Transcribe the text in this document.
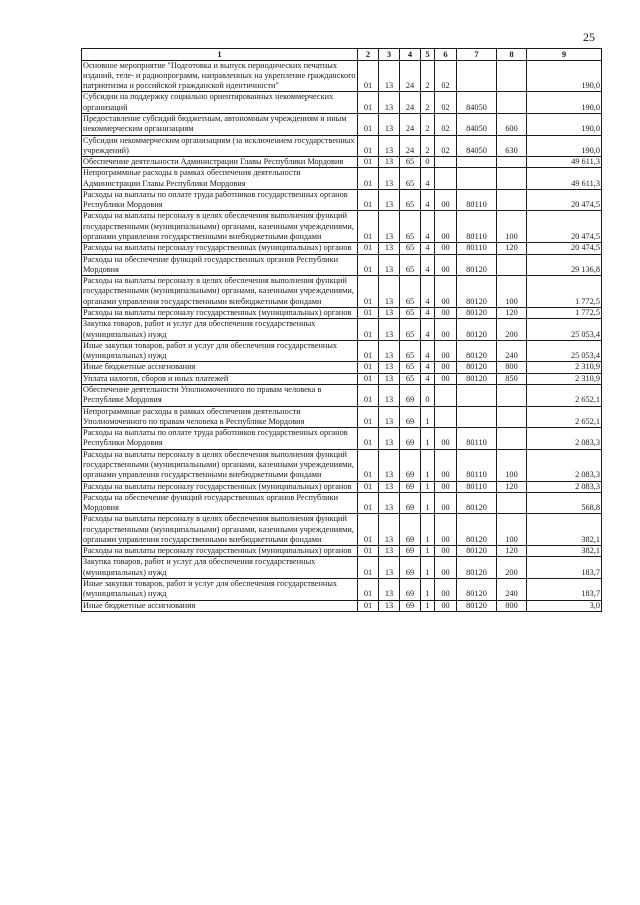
25
1	2	3	4	5	6	7	8	9
Основное мероприятие "Подготовка и выпуск периодических печатных изданий, теле- и радиопрограмм, направленных на укрепление гражданского патриотизма и российской гражданской идентичности"	01	13	24	2	02			190,0
Субсидии на поддержку социально ориентированных некоммерческих организаций	01	13	24	2	02	84050		190,0
Предоставление субсидий бюджетным, автономным учреждениям и иным некоммерческим организациям	01	13	24	2	02	84050	600	190,0
Субсидии некоммерческим организациям (за исключением государственных учреждений)	01	13	24	2	02	84050	630	190,0
Обеспечение деятельности Администрации Главы Республики Мордовия	01	13	65	0				49 611,3
Непрограммные расходы в рамках обеспечения деятельности Администрации Главы Республики Мордовия	01	13	65	4				49 611,3
Расходы на выплаты по оплате труда работников государственных органов Республики Мордовия	01	13	65	4	00	80110		20 474,5
Расходы на выплаты персоналу в целях обеспечения выполнения функций государственными (муниципальными) органами, казенными учреждениями, органами управления государственными внебюджетными фондами	01	13	65	4	00	80110	100	20 474,5
Расходы на выплаты персоналу государственных (муниципальных) органов	01	13	65	4	00	80110	120	20 474,5
Расходы на обеспечение функций государственных органов Республики Мордовия	01	13	65	4	00	80120		29 136,8
Расходы на выплаты персоналу в целях обеспечения выполнения функций государственными (муниципальными) органами, казенными учреждениями, органами управления государственными внебюджетными фондами	01	13	65	4	00	80120	100	1 772,5
Расходы на выплаты персоналу государственных (муниципальных) органов	01	13	65	4	00	80120	120	1 772,5
Закупка товаров, работ и услуг для обеспечения государственных (муниципальных) нужд	01	13	65	4	00	80120	200	25 053,4
Иные закупки товаров, работ и услуг для обеспечения государственных (муниципальных) нужд	01	13	65	4	00	80120	240	25 053,4
Иные бюджетные ассигнования	01	13	65	4	00	80120	800	2 310,9
Уплата налогов, сборов и иных платежей	01	13	65	4	00	80120	850	2 310,9
Обеспечение деятельности Уполномоченного по правам человека в Республике Мордовия	01	13	69	0				2 652,1
Непрограммные расходы в рамках обеспечения деятельности Уполномоченного по правам человека в Республике Мордовия	01	13	69	1				2 652,1
Расходы на выплаты по оплате труда работников государственных органов Республики Мордовия	01	13	69	1	00	80110		2 083,3
Расходы на выплаты персоналу в целях обеспечения выполнения функций государственными (муниципальными) органами, казенными учреждениями, органами управления государственными внебюджетными фондами	01	13	69	1	00	80110	100	2 083,3
Расходы на выплаты персоналу государственных (муниципальных) органов	01	13	69	1	00	80110	120	2 083,3
Расходы на обеспечение функций государственных органов Республики Мордовия	01	13	69	1	00	80120		568,8
Расходы на выплаты персоналу в целях обеспечения выполнения функций государственными (муниципальными) органами, казенными учреждениями, органами управления государственными внебюджетными фондами	01	13	69	1	00	80120	100	382,1
Расходы на выплаты персоналу государственных (муниципальных) органов	01	13	69	1	00	80120	120	382,1
Закупка товаров, работ и услуг для обеспечения государственных (муниципальных) нужд	01	13	69	1	00	80120	200	183,7
Иные закупки товаров, работ и услуг для обеспечения государственных (муниципальных) нужд	01	13	69	1	00	80120	240	183,7
Иные бюджетные ассигнования	01	13	69	1	00	80120	800	3,0
